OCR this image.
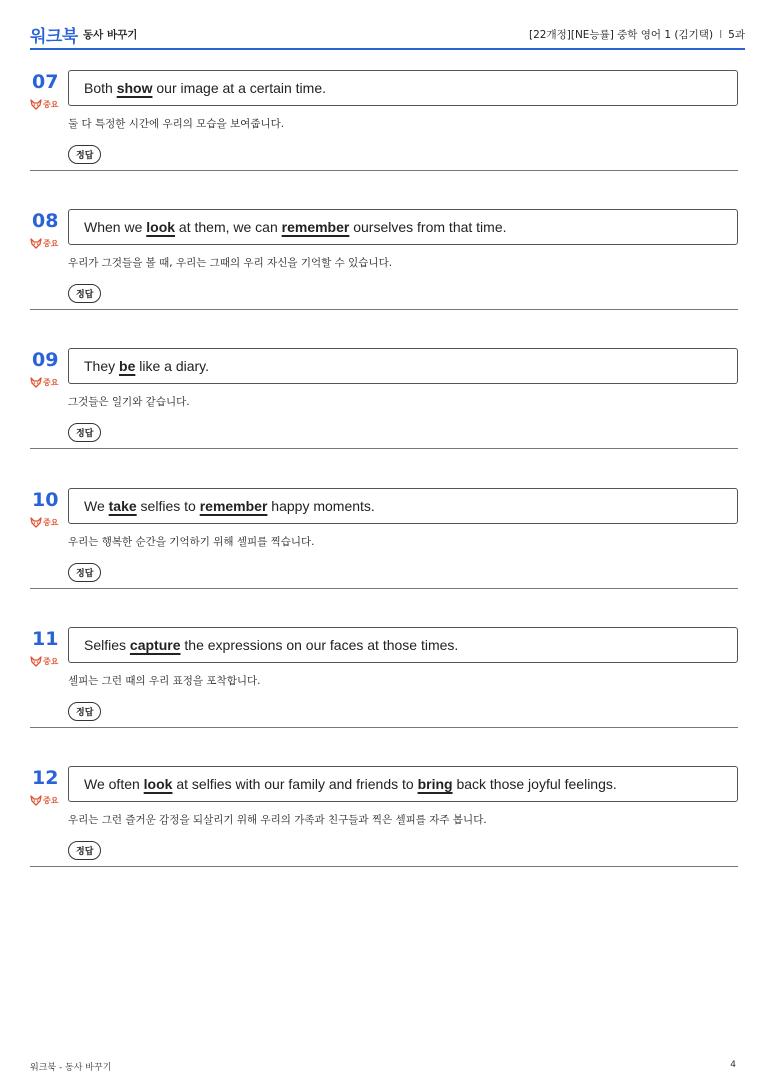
워크북 동사 바꾸기	[22개정][NE능률] 중학 영어 1 (김기택) I 5과
07
중요
Both show our image at a certain time.
둘 다 특정한 시간에 우리의 모습을 보여줍니다.
정답
08
중요
When we look at them, we can remember ourselves from that time.
우리가 그것들을 볼 때, 우리는 그때의 우리 자신을 기억할 수 있습니다.
정답
09
중요
They be like a diary.
그것들은 일기와 같습니다.
정답
10
중요
We take selfies to remember happy moments.
우리는 행복한 순간을 기억하기 위해 셀피를 찍습니다.
정답
11
중요
Selfies capture the expressions on our faces at those times.
셀피는 그런 때의 우리 표정을 포착합니다.
정답
12
중요
We often look at selfies with our family and friends to bring back those joyful feelings.
우리는 그런 즐거운 감정을 되살리기 위해 우리의 가족과 친구들과 찍은 셀피를 자주 봅니다.
정답
워크북 - 동사 바꾸기	4
